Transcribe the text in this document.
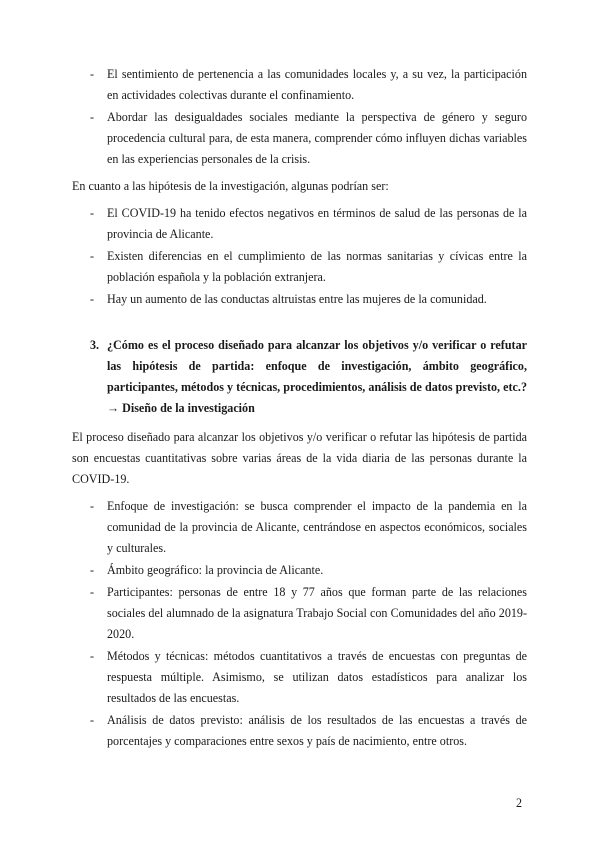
- El sentimiento de pertenencia a las comunidades locales y, a su vez, la participación en actividades colectivas durante el confinamiento.
- Abordar las desigualdades sociales mediante la perspectiva de género y seguro procedencia cultural para, de esta manera, comprender cómo influyen dichas variables en las experiencias personales de la crisis.

En cuanto a las hipótesis de la investigación, algunas podrían ser:

- El COVID-19 ha tenido efectos negativos en términos de salud de las personas de la provincia de Alicante.
- Existen diferencias en el cumplimiento de las normas sanitarias y cívicas entre la población española y la población extranjera.
- Hay un aumento de las conductas altruistas entre las mujeres de la comunidad.
3. ¿Cómo es el proceso diseñado para alcanzar los objetivos y/o verificar o refutar las hipótesis de partida: enfoque de investigación, ámbito geográfico, participantes, métodos y técnicas, procedimientos, análisis de datos previsto, etc.? → Diseño de la investigación

El proceso diseñado para alcanzar los objetivos y/o verificar o refutar las hipótesis de partida son encuestas cuantitativas sobre varias áreas de la vida diaria de las personas durante la COVID-19.

- Enfoque de investigación: se busca comprender el impacto de la pandemia en la comunidad de la provincia de Alicante, centrándose en aspectos económicos, sociales y culturales.
- Ámbito geográfico: la provincia de Alicante.
- Participantes: personas de entre 18 y 77 años que forman parte de las relaciones sociales del alumnado de la asignatura Trabajo Social con Comunidades del año 2019-2020.
- Métodos y técnicas: métodos cuantitativos a través de encuestas con preguntas de respuesta múltiple. Asimismo, se utilizan datos estadísticos para analizar los resultados de las encuestas.
- Análisis de datos previsto: análisis de los resultados de las encuestas a través de porcentajes y comparaciones entre sexos y país de nacimiento, entre otros.
2
